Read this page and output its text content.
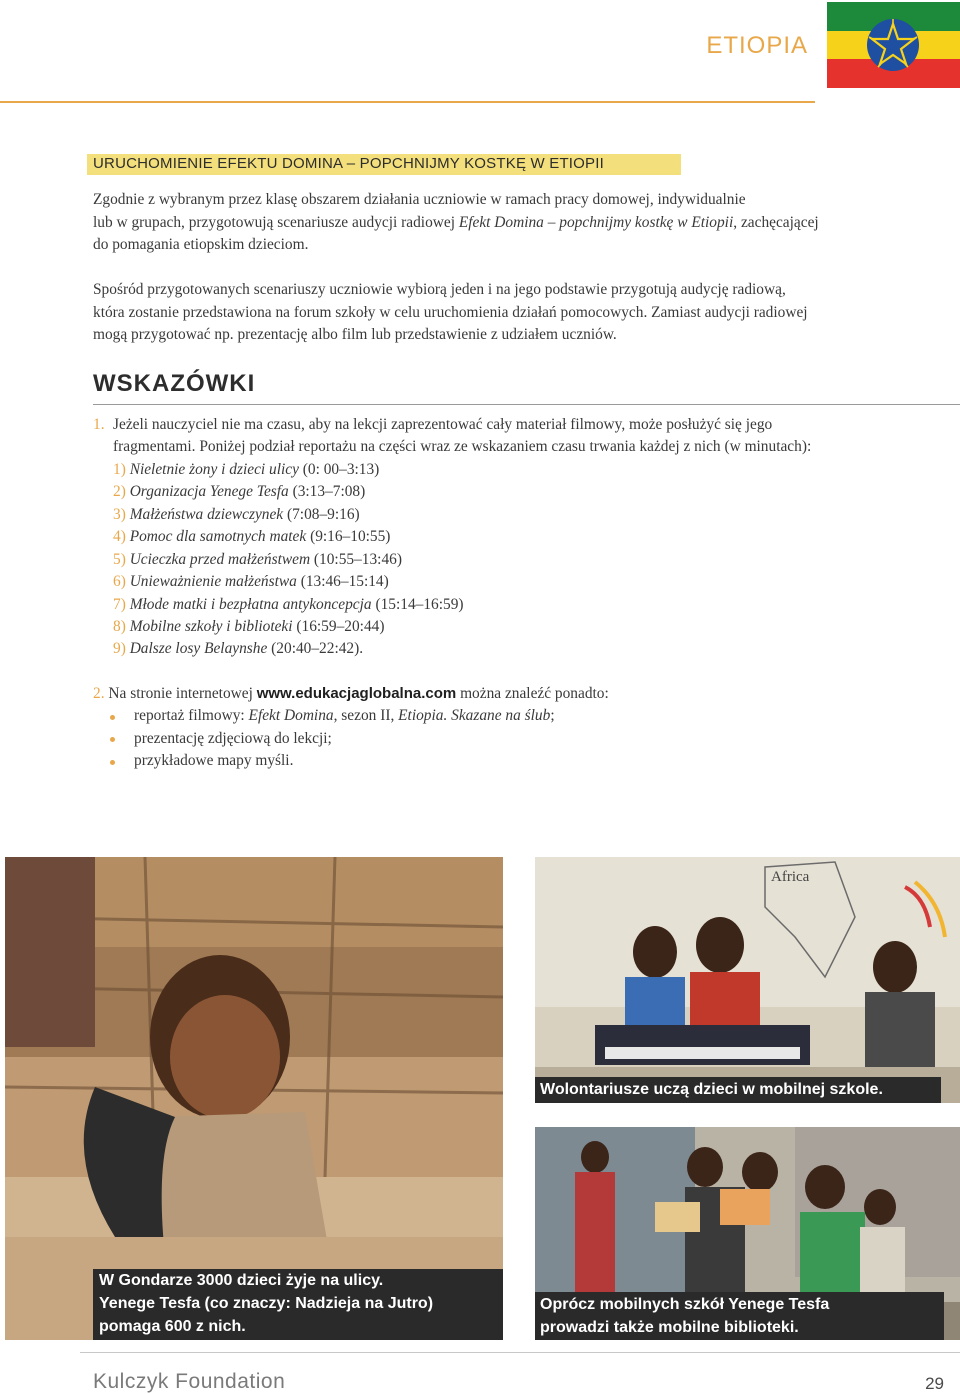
ETIOPIA
URUCHOMIENIE EFEKTU DOMINA – POPCHNIJMY KOSTKĘ W ETIOPII

Zgodnie z wybranym przez klasę obszarem działania uczniowie w ramach pracy domowej, indywidualnie
lub w grupach, przygotowują scenariusze audycji radiowej Efekt Domina – popchnijmy kostkę w Etiopii, zachęcającej
do pomagania etiopskim dzieciom.

Spośród przygotowanych scenariuszy uczniowie wybiorą jeden i na jego podstawie przygotują audycję radiową,
która zostanie przedstawiona na forum szkoły w celu uruchomienia działań pomocowych. Zamiast audycji radiowej
mogą przygotować np. prezentację albo film lub przedstawienie z udziałem uczniów.

WSKAZÓWKI
1. Jeżeli nauczyciel nie ma czasu, aby na lekcji zaprezentować cały materiał filmowy, może posłużyć się jego
fragmentami. Poniżej podział reportażu na części wraz ze wskazaniem czasu trwania każdej z nich (w minutach):
1) Nieletnie żony i dzieci ulicy (0: 00–3:13)
2) Organizacja Yenege Tesfa (3:13–7:08)
3) Małżeństwa dziewczynek (7:08–9:16)
4) Pomoc dla samotnych matek (9:16–10:55)
5) Ucieczka przed małżeństwem (10:55–13:46)
6) Unieważnienie małżeństwa (13:46–15:14)
7) Młode matki i bezpłatna antykoncepcja (15:14–16:59)
8) Mobilne szkoły i biblioteki (16:59–20:44)
9) Dalsze losy Belaynshe (20:40–22:42).
2. Na stronie internetowej www.edukacjaglobalna.com można znaleźć ponadto:
reportaż filmowy: Efekt Domina, sezon II, Etiopia. Skazane na ślub;
prezentację zdjęciową do lekcji;
przykładowe mapy myśli.
W Gondarze 3000 dzieci żyje na ulicy.
Yenege Tesfa (co znaczy: Nadzieja na Jutro)
pomaga 600 z nich.
Africa
Wolontariusze uczą dzieci w mobilnej szkole.
Oprócz mobilnych szkół Yenege Tesfa
prowadzi także mobilne biblioteki.
Kulczyk Foundation	29
